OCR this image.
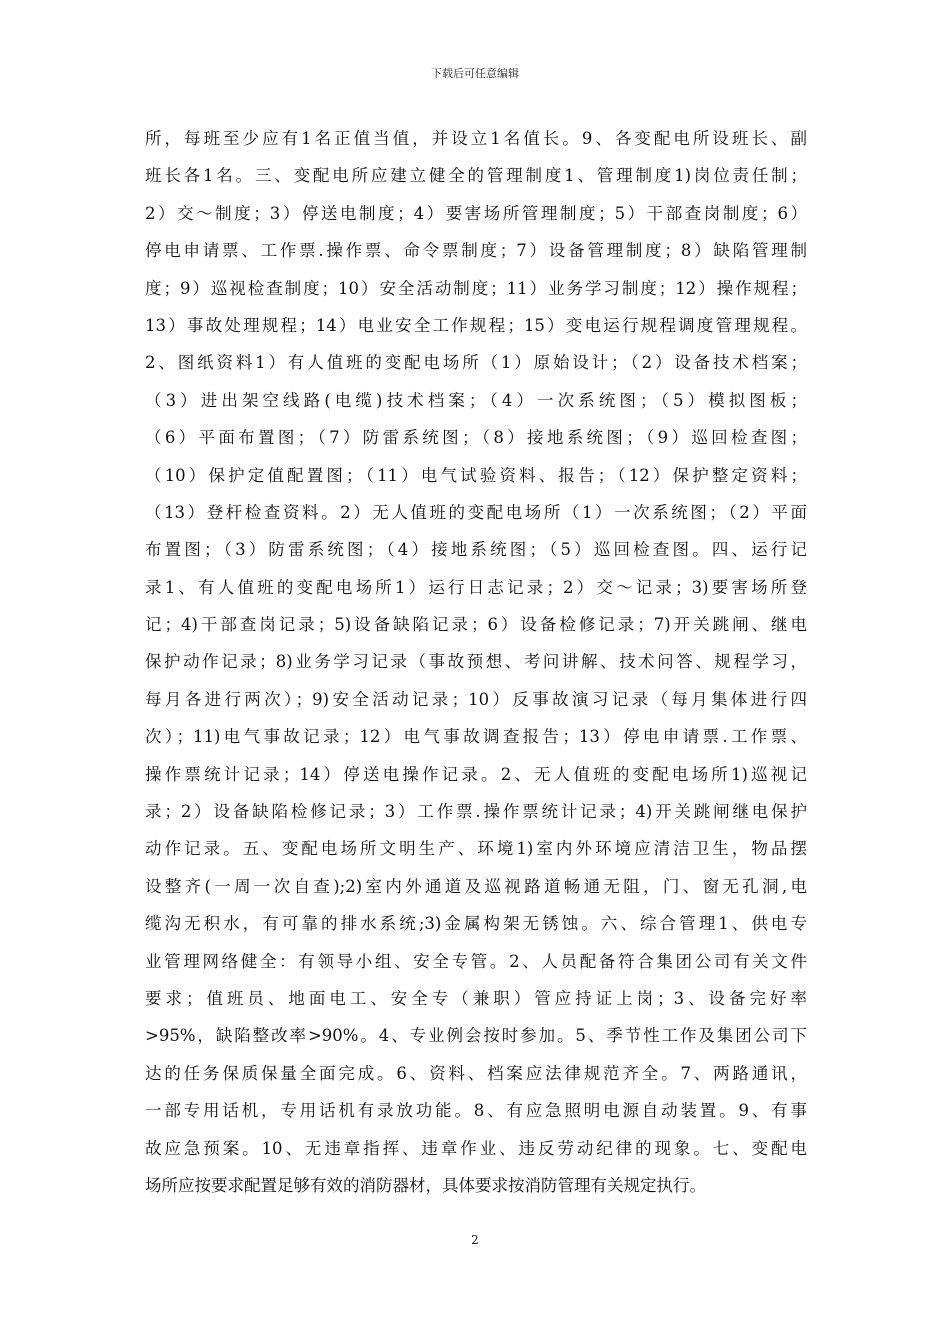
下载后可任意编辑
所，每班至少应有1名正值当值，并设立1名值长。9、各变配电所设班长、副
班长各1名。三、变配电所应建立健全的管理制度1、管理制度1)岗位责任制；
2）交～制度；3）停送电制度；4）要害场所管理制度；5）干部查岗制度；6）
停电申请票、工作票.操作票、命令票制度；7）设备管理制度；8）缺陷管理制
度；9）巡视检查制度；10）安全活动制度；11）业务学习制度；12）操作规程；
13）事故处理规程；14）电业安全工作规程；15）变电运行规程调度管理规程。
2、图纸资料1）有人值班的变配电场所（1）原始设计；（2）设备技术档案；
（3）进出架空线路(电缆)技术档案；（4）一次系统图；（5）模拟图板；
（6）平面布置图；（7）防雷系统图；（8）接地系统图；（9）巡回检查图；
（10）保护定值配置图；（11）电气试验资料、报告；（12）保护整定资料；
（13）登杆检查资料。2）无人值班的变配电场所（1）一次系统图；（2）平面
布置图；（3）防雷系统图；（4）接地系统图；（5）巡回检查图。四、运行记
录1、有人值班的变配电场所1）运行日志记录；2）交～记录；3)要害场所登
记；4)干部查岗记录；5)设备缺陷记录；6）设备检修记录；7)开关跳闸、继电
保护动作记录；8)业务学习记录（事故预想、考问讲解、技术问答、规程学习，
每月各进行两次）；9)安全活动记录；10）反事故演习记录（每月集体进行四
次）；11)电气事故记录；12）电气事故调查报告；13）停电申请票.工作票、
操作票统计记录；14）停送电操作记录。2、无人值班的变配电场所1)巡视记
录；2）设备缺陷检修记录；3）工作票.操作票统计记录；4)开关跳闸继电保护
动作记录。五、变配电场所文明生产、环境1)室内外环境应清洁卫生，物品摆
设整齐(一周一次自查);2)室内外通道及巡视路道畅通无阻，门、窗无孔洞,电
缆沟无积水，有可靠的排水系统;3)金属构架无锈蚀。六、综合管理1、供电专
业管理网络健全：有领导小组、安全专管。2、人员配备符合集团公司有关文件
要求；值班员、地面电工、安全专（兼职）管应持证上岗；3、设备完好率
>95%，缺陷整改率>90%。4、专业例会按时参加。5、季节性工作及集团公司下
达的任务保质保量全面完成。6、资料、档案应法律规范齐全。7、两路通讯，
一部专用话机，专用话机有录放功能。8、有应急照明电源自动装置。9、有事
故应急预案。10、无违章指挥、违章作业、违反劳动纪律的现象。七、变配电
场所应按要求配置足够有效的消防器材，具体要求按消防管理有关规定执行。
2
